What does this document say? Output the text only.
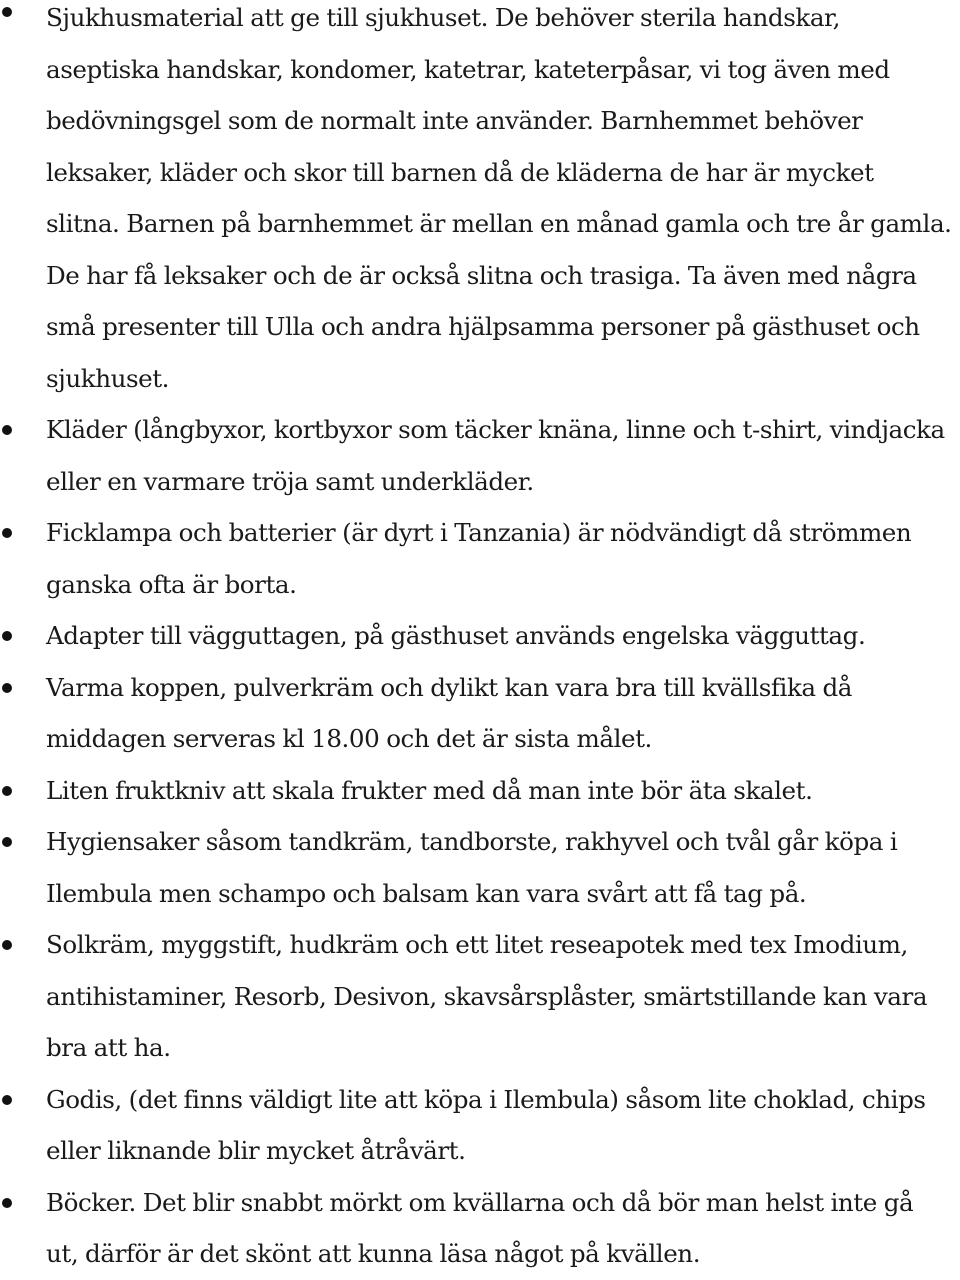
Sjukhusmaterial att ge till sjukhuset. De behöver sterila handskar, aseptiska handskar, kondomer, katetrar, kateterpåsar, vi tog även med bedövningsgel som de normalt inte använder. Barnhemmet behöver leksaker, kläder och skor till barnen då de kläderna de har är mycket slitna. Barnen på barnhemmet är mellan en månad gamla och tre år gamla. De har få leksaker och de är också slitna och trasiga. Ta även med några små presenter till Ulla och andra hjälpsamma personer på gästhuset och sjukhuset.
Kläder (långbyxor, kortbyxor som täcker knäna, linne och t-shirt, vindjacka eller en varmare tröja samt underkläder.
Ficklampa och batterier (är dyrt i Tanzania) är nödvändigt då strömmen ganska ofta är borta.
Adapter till vägguttagen, på gästhuset används engelska vägguttag.
Varma koppen, pulverkräm och dylikt kan vara bra till kvällsfika då middagen serveras kl 18.00 och det är sista målet.
Liten fruktkniv att skala frukter med då man inte bör äta skalet.
Hygiensaker såsom tandkräm, tandborste, rakhyvel och tvål går köpa i Ilembula men schampo och balsam kan vara svårt att få tag på.
Solkräm, myggstift, hudkräm och ett litet reseapotek med tex Imodium, antihistaminer, Resorb, Desivon, skavsårsplåster, smärtstillande kan vara bra att ha.
Godis, (det finns väldigt lite att köpa i Ilembula) såsom lite choklad, chips eller liknande blir mycket åtråvärt.
Böcker. Det blir snabbt mörkt om kvällarna och då bör man helst inte gå ut, därför är det skönt att kunna läsa något på kvällen.
